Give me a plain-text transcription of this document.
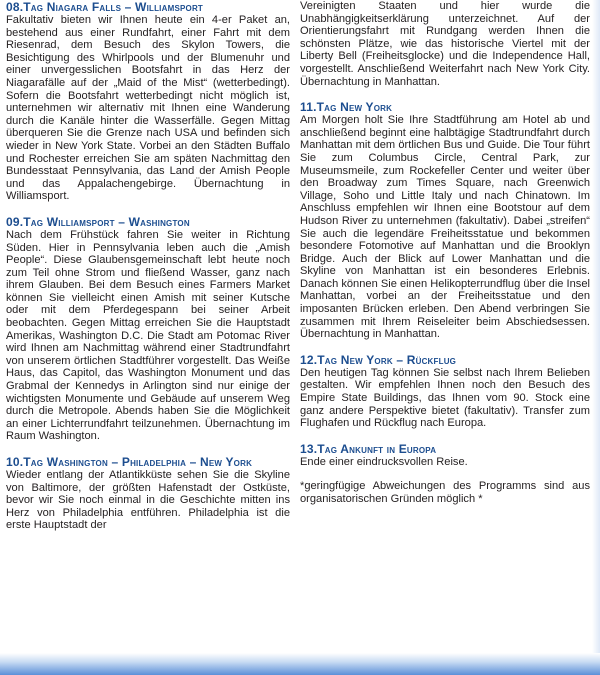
08.Tag Niagara Falls – Williamsport

Fakultativ bieten wir Ihnen heute ein 4-er Paket an, bestehend aus einer Rundfahrt, einer Fahrt mit dem Riesenrad, dem Besuch des Skylon Towers, die Besichtigung des Whirlpools und der Blumenuhr und einer unvergesslichen Bootsfahrt in das Herz der Niagarafälle auf der „Maid of the Mist“ (wetterbedingt). Sofern die Bootsfahrt wetterbedingt nicht möglich ist, unternehmen wir alternativ mit Ihnen eine Wanderung durch die Kanäle hinter die Wasserfälle. Gegen Mittag überqueren Sie die Grenze nach USA und befinden sich wieder in New York State. Vorbei an den Städten Buffalo und Rochester erreichen Sie am späten Nachmittag den Bundesstaat Pennsylvania, das Land der Amish People und das Appalachengebirge. Übernachtung in Williamsport.

09.Tag Williamsport – Washington

Nach dem Frühstück fahren Sie weiter in Richtung Süden. Hier in Pennsylvania leben auch die „Amish People“. Diese Glaubensgemeinschaft lebt heute noch zum Teil ohne Strom und fließend Wasser, ganz nach ihrem Glauben. Bei dem Besuch eines Farmers Market können Sie vielleicht einen Amish mit seiner Kutsche oder mit dem Pferdegespann bei seiner Arbeit beobachten. Gegen Mittag erreichen Sie die Hauptstadt Amerikas, Washington D.C. Die Stadt am Potomac River wird Ihnen am Nachmittag während einer Stadtrundfahrt von unserem örtlichen Stadtführer vorgestellt. Das Weiße Haus, das Capitol, das Washington Monument und das Grabmal der Kennedys in Arlington sind nur einige der wichtigsten Monumente und Gebäude auf unserem Weg durch die Metropole. Abends haben Sie die Möglichkeit an einer Lichterrundfahrt teilzunehmen. Übernachtung im Raum Washington.

10.Tag Washington – Philadelphia – New York

Wieder entlang der Atlantikküste sehen Sie die Skyline von Baltimore, der größten Hafenstadt der Ostküste, bevor wir Sie noch einmal in die Geschichte mitten ins Herz von Philadelphia entführen. Philadelphia ist die erste Hauptstadt der

Vereinigten Staaten und hier wurde die Unabhängigkeitserklärung unterzeichnet. Auf der Orientierungsfahrt mit Rundgang werden Ihnen die schönsten Plätze, wie das historische Viertel mit der Liberty Bell (Freiheitsglocke) und die Independence Hall, vorgestellt. Anschließend Weiterfahrt nach New York City. Übernachtung in Manhattan.

11.Tag New York

Am Morgen holt Sie Ihre Stadtführung am Hotel ab und anschließend beginnt eine halbtägige Stadtrundfahrt durch Manhattan mit dem örtlichen Bus und Guide. Die Tour führt Sie zum Columbus Circle, Central Park, zur Museumsmeile, zum Rockefeller Center und weiter über den Broadway zum Times Square, nach Greenwich Village, Soho und Little Italy und nach Chinatown. Im Anschluss empfehlen wir Ihnen eine Bootstour auf dem Hudson River zu unternehmen (fakultativ). Dabei „streifen“ Sie auch die legendäre Freiheitsstatue und bekommen besondere Fotomotive auf Manhattan und die Brooklyn Bridge. Auch der Blick auf Lower Manhattan und die Skyline von Manhattan ist ein besonderes Erlebnis. Danach können Sie einen Helikopterrundflug über die Insel Manhattan, vorbei an der Freiheitsstatue und den imposanten Brücken erleben. Den Abend verbringen Sie zusammen mit Ihrem Reiseleiter beim Abschiedsessen. Übernachtung in Manhattan.

12.Tag New York – Rückflug

Den heutigen Tag können Sie selbst nach Ihrem Belieben gestalten. Wir empfehlen Ihnen noch den Besuch des Empire State Buildings, das Ihnen vom 90. Stock eine ganz andere Perspektive bietet (fakultativ). Transfer zum Flughafen und Rückflug nach Europa.

13.Tag Ankunft in Europa

Ende einer eindrucksvollen Reise.

*geringfügige Abweichungen des Programms sind aus organisatorischen Gründen möglich *
